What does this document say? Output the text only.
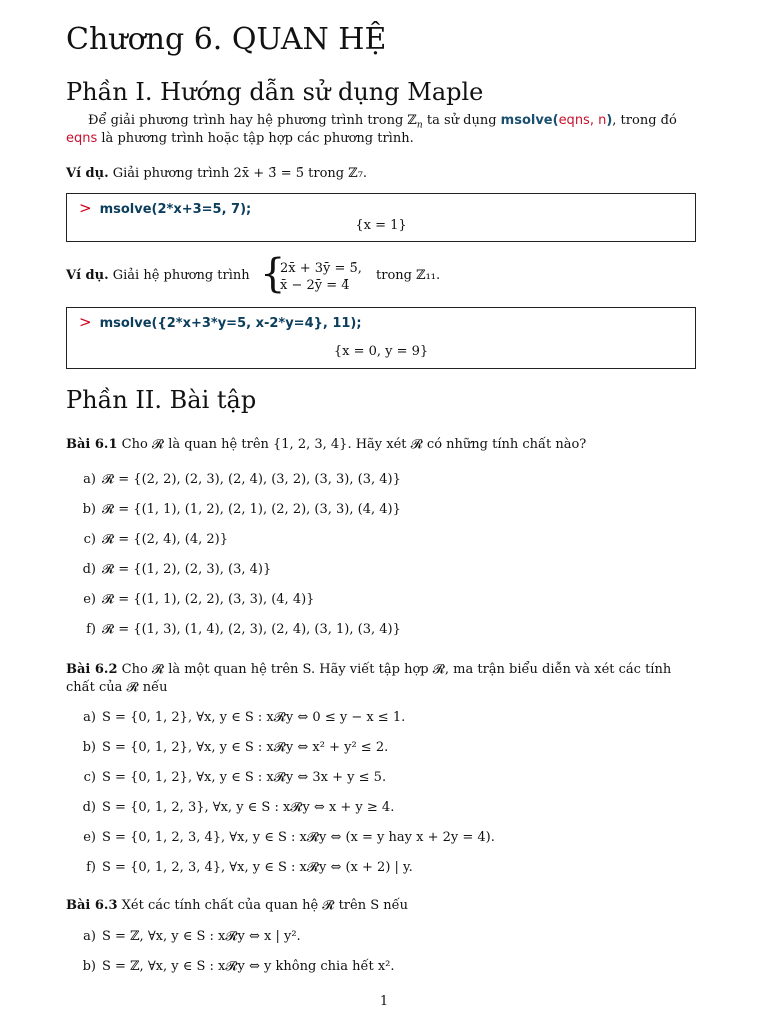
Chương 6. QUAN HỆ
Phần I. Hướng dẫn sử dụng Maple
Để giải phương trình hay hệ phương trình trong ℤ$_n$ ta sử dụng msolve(eqns, n), trong đó
eqns là phương trình hoặc tập hợp các phương trình.
Ví dụ. Giải phương trình 2x̄ + 3̄ = 5̄ trong ℤ₇.
> msolve(2*x+3=5, 7);
{x = 1}
Ví dụ. Giải hệ phương trình {
2x̄ + 3ȳ = 5̄,
x̄ − 2ȳ = 4̄
trong ℤ₁₁.
> msolve({2*x+3*y=5, x-2*y=4}, 11);
{x = 0, y = 9}
Phần II. Bài tập
Bài 6.1 Cho 𝓡 là quan hệ trên {1, 2, 3, 4}. Hãy xét 𝓡 có những tính chất nào?
a) 𝓡 = {(2, 2), (2, 3), (2, 4), (3, 2), (3, 3), (3, 4)}
b) 𝓡 = {(1, 1), (1, 2), (2, 1), (2, 2), (3, 3), (4, 4)}
c) 𝓡 = {(2, 4), (4, 2)}
d) 𝓡 = {(1, 2), (2, 3), (3, 4)}
e) 𝓡 = {(1, 1), (2, 2), (3, 3), (4, 4)}
f) 𝓡 = {(1, 3), (1, 4), (2, 3), (2, 4), (3, 1), (3, 4)}
Bài 6.2 Cho 𝓡 là một quan hệ trên S. Hãy viết tập hợp 𝓡, ma trận biểu diễn và xét các tính
chất của 𝓡 nếu
a) S = {0, 1, 2}, ∀x, y ∈ S : x𝓡y ⇔ 0 ≤ y − x ≤ 1.
b) S = {0, 1, 2}, ∀x, y ∈ S : x𝓡y ⇔ x² + y² ≤ 2.
c) S = {0, 1, 2}, ∀x, y ∈ S : x𝓡y ⇔ 3x + y ≤ 5.
d) S = {0, 1, 2, 3}, ∀x, y ∈ S : x𝓡y ⇔ x + y ≥ 4.
e) S = {0, 1, 2, 3, 4}, ∀x, y ∈ S : x𝓡y ⇔ (x = y hay x + 2y = 4).
f) S = {0, 1, 2, 3, 4}, ∀x, y ∈ S : x𝓡y ⇔ (x + 2) | y.
Bài 6.3 Xét các tính chất của quan hệ 𝓡 trên S nếu
a) S = ℤ, ∀x, y ∈ S : x𝓡y ⇔ x | y².
b) S = ℤ, ∀x, y ∈ S : x𝓡y ⇔ y không chia hết x².
1
